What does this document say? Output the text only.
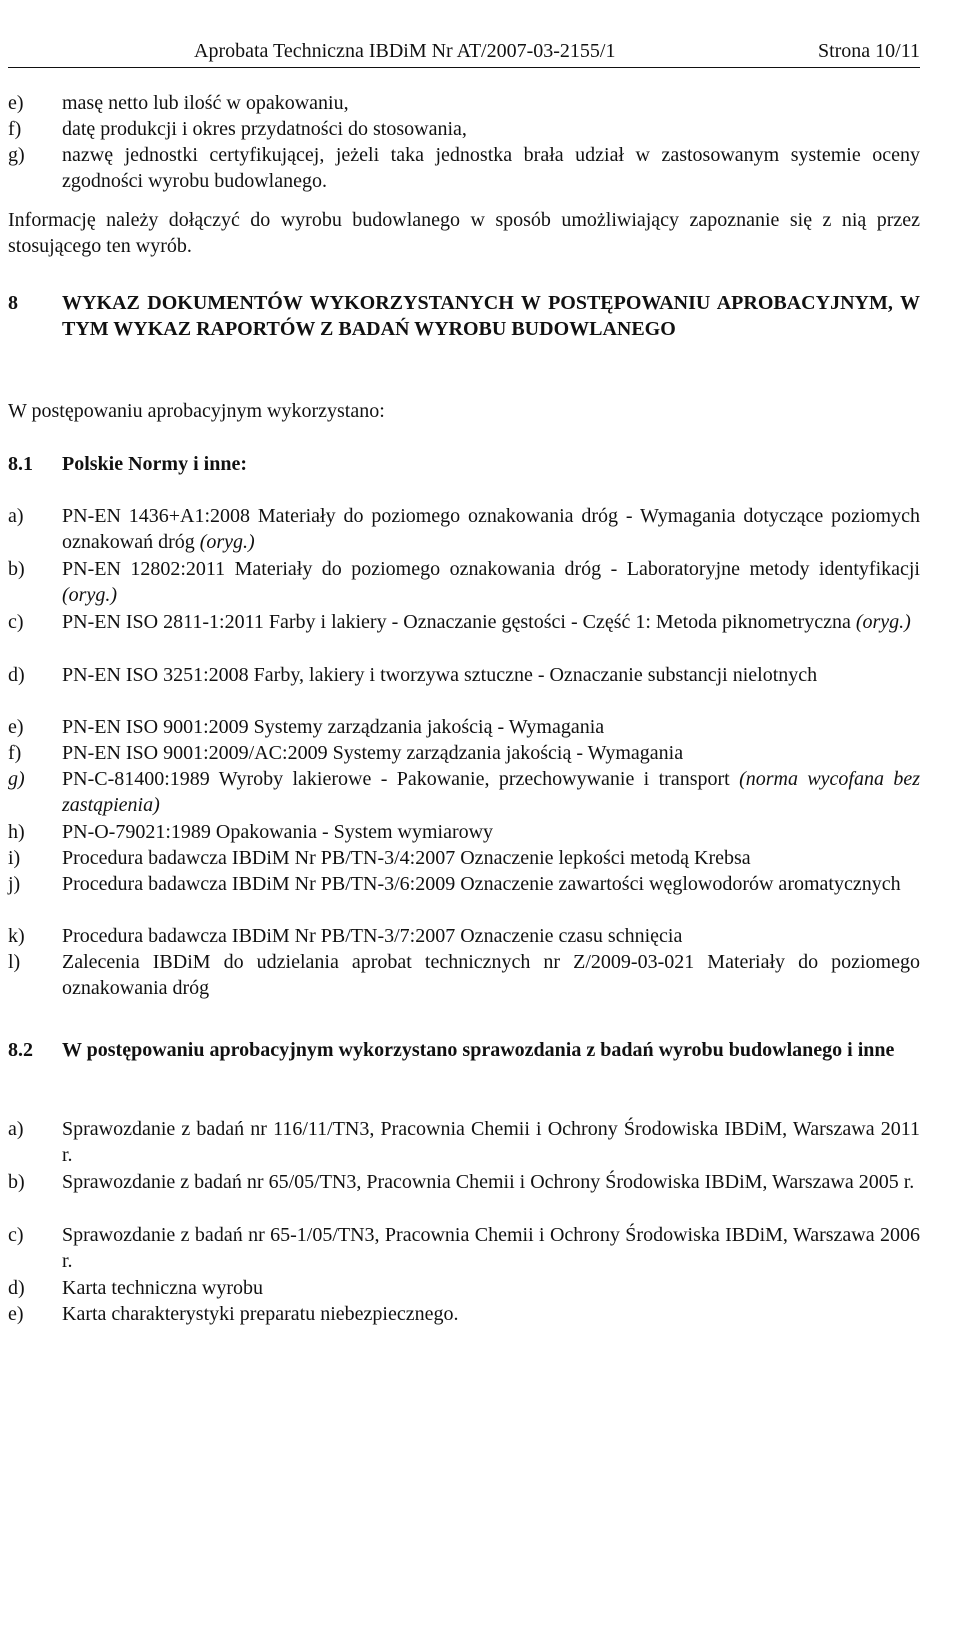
Aprobata Techniczna IBDiM Nr AT/2007-03-2155/1	Strona 10/11
e) masę netto lub ilość w opakowaniu,
f) datę produkcji i okres przydatności do stosowania,
g) nazwę jednostki certyfikującej, jeżeli taka jednostka brała udział w zastosowanym systemie oceny zgodności wyrobu budowlanego.
Informację należy dołączyć do wyrobu budowlanego w sposób umożliwiający zapoznanie się z nią przez stosującego ten wyrób.
8 WYKAZ DOKUMENTÓW WYKORZYSTANYCH W POSTĘPOWANIU APROBACYJNYM, W TYM WYKAZ RAPORTÓW Z BADAŃ WYROBU BUDOWLANEGO
W postępowaniu aprobacyjnym wykorzystano:
8.1 Polskie Normy i inne:
a) PN-EN 1436+A1:2008 Materiały do poziomego oznakowania dróg - Wymagania dotyczące poziomych oznakowań dróg (oryg.)
b) PN-EN 12802:2011 Materiały do poziomego oznakowania dróg - Laboratoryjne metody identyfikacji (oryg.)
c) PN-EN ISO 2811-1:2011 Farby i lakiery - Oznaczanie gęstości - Część 1: Metoda piknometryczna (oryg.)
d) PN-EN ISO 3251:2008 Farby, lakiery i tworzywa sztuczne - Oznaczanie substancji nielotnych
e) PN-EN ISO 9001:2009 Systemy zarządzania jakością - Wymagania
f) PN-EN ISO 9001:2009/AC:2009 Systemy zarządzania jakością - Wymagania
g) PN-C-81400:1989 Wyroby lakierowe - Pakowanie, przechowywanie i transport (norma wycofana bez zastąpienia)
h) PN-O-79021:1989 Opakowania - System wymiarowy
i) Procedura badawcza IBDiM Nr PB/TN-3/4:2007 Oznaczenie lepkości metodą Krebsa
j) Procedura badawcza IBDiM Nr PB/TN-3/6:2009 Oznaczenie zawartości węglowodorów aromatycznych
k) Procedura badawcza IBDiM Nr PB/TN-3/7:2007 Oznaczenie czasu schnięcia
l) Zalecenia IBDiM do udzielania aprobat technicznych nr Z/2009-03-021 Materiały do poziomego oznakowania dróg
8.2 W postępowaniu aprobacyjnym wykorzystano sprawozdania z badań wyrobu budowlanego i inne
a) Sprawozdanie z badań nr 116/11/TN3, Pracownia Chemii i Ochrony Środowiska IBDiM, Warszawa 2011 r.
b) Sprawozdanie z badań nr 65/05/TN3, Pracownia Chemii i Ochrony Środowiska IBDiM, Warszawa 2005 r.
c) Sprawozdanie z badań nr 65-1/05/TN3, Pracownia Chemii i Ochrony Środowiska IBDiM, Warszawa 2006 r.
d) Karta techniczna wyrobu
e) Karta charakterystyki preparatu niebezpiecznego.
